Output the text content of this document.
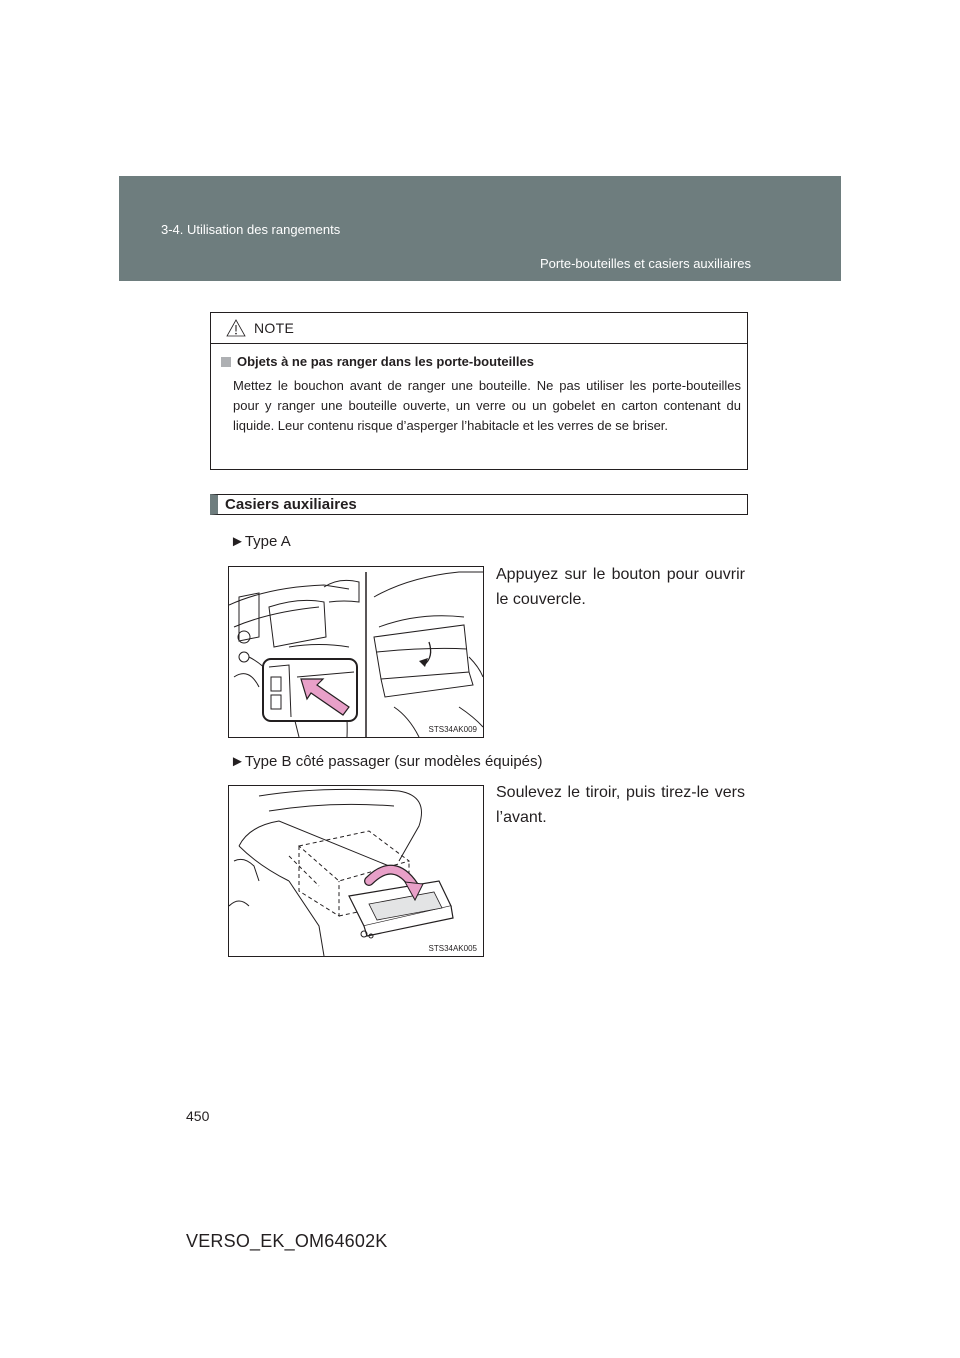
3-4. Utilisation des rangements
Porte-bouteilles et casiers auxiliaires
NOTE
Objets à ne pas ranger dans les porte-bouteilles
Mettez le bouchon avant de ranger une bouteille. Ne pas utiliser les porte-bouteilles pour y ranger une bouteille ouverte, un verre ou un gobelet en carton contenant du liquide. Leur contenu risque d’asperger l’habitacle et les verres de se briser.
Casiers auxiliaires
►Type A
STS34AK009
Appuyez sur le bouton pour ouvrir le couvercle.
►Type B côté passager (sur modèles équipés)
STS34AK005
Soulevez le tiroir, puis tirez-le vers l’avant.
450
VERSO_EK_OM64602K
